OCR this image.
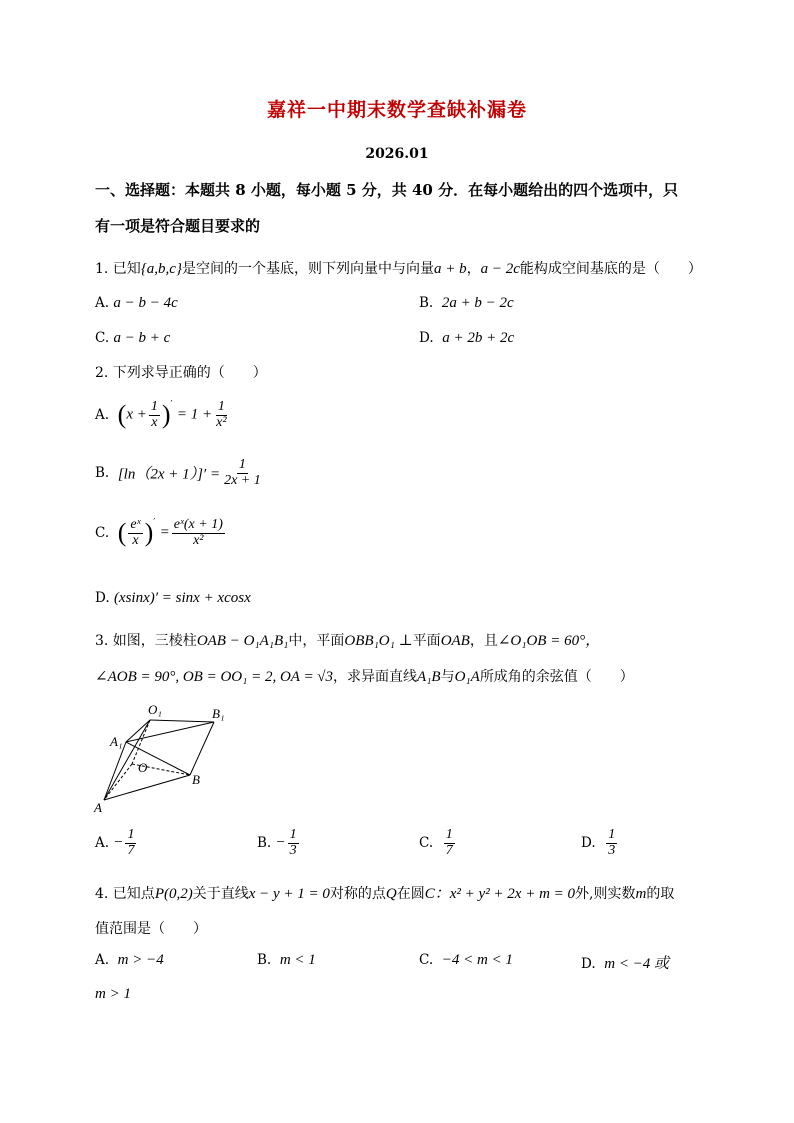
嘉祥一中期末数学查缺补漏卷
2026.01
一、选择题：本题共 8 小题，每小题 5 分，共 40 分．在每小题给出的四个选项中，只
有一项是符合题目要求的
1. 已知{a,b,c}是空间的一个基底，则下列向量中与向量a + b，a − 2c能构成空间基底的是（　　）
A. a − b − 4c	B. 2a + b − 2c
C. a − b + c	D. a + 2b + 2c
2. 下列求导正确的（　　）
A. $(x + \frac{1}{x} )' = 1 + \frac{1}{\text{x²}}$
B. $[\ln(2x + 1)]' = \frac{1}{2x + 1}$
C. ( $\frac{\text{eˣ}}{x} )' = \frac{\text{eˣ(x + 1)}}{\text{x²}}$
D. (xsinx)′ = sinx + xcosx
3. 如图，三棱柱OAB − O₁A₁B₁中，平面OBB₁O₁ ⊥平面OAB，且∠O₁OB = 60°，
∠AOB = 90°, OB = OO₁ = 2, OA = √3，求异面直线A₁B与O₁A所成角的余弦值（　　）
O₁	B₁
A₁
O
B
A
A. − $\frac{1}{7}$	B. − $\frac{1}{3}$	C. $\frac{1}{7}$	D. $\frac{1}{3}$
4. 已知点P(0,2)关于直线x − y + 1 = 0对称的点Q在圆C：x² + y² + 2x + m = 0外,则实数m的取
值范围是（　　）
A. m > −4	B. m < 1	C. −4 < m < 1	D. m < −4 或
m > 1
